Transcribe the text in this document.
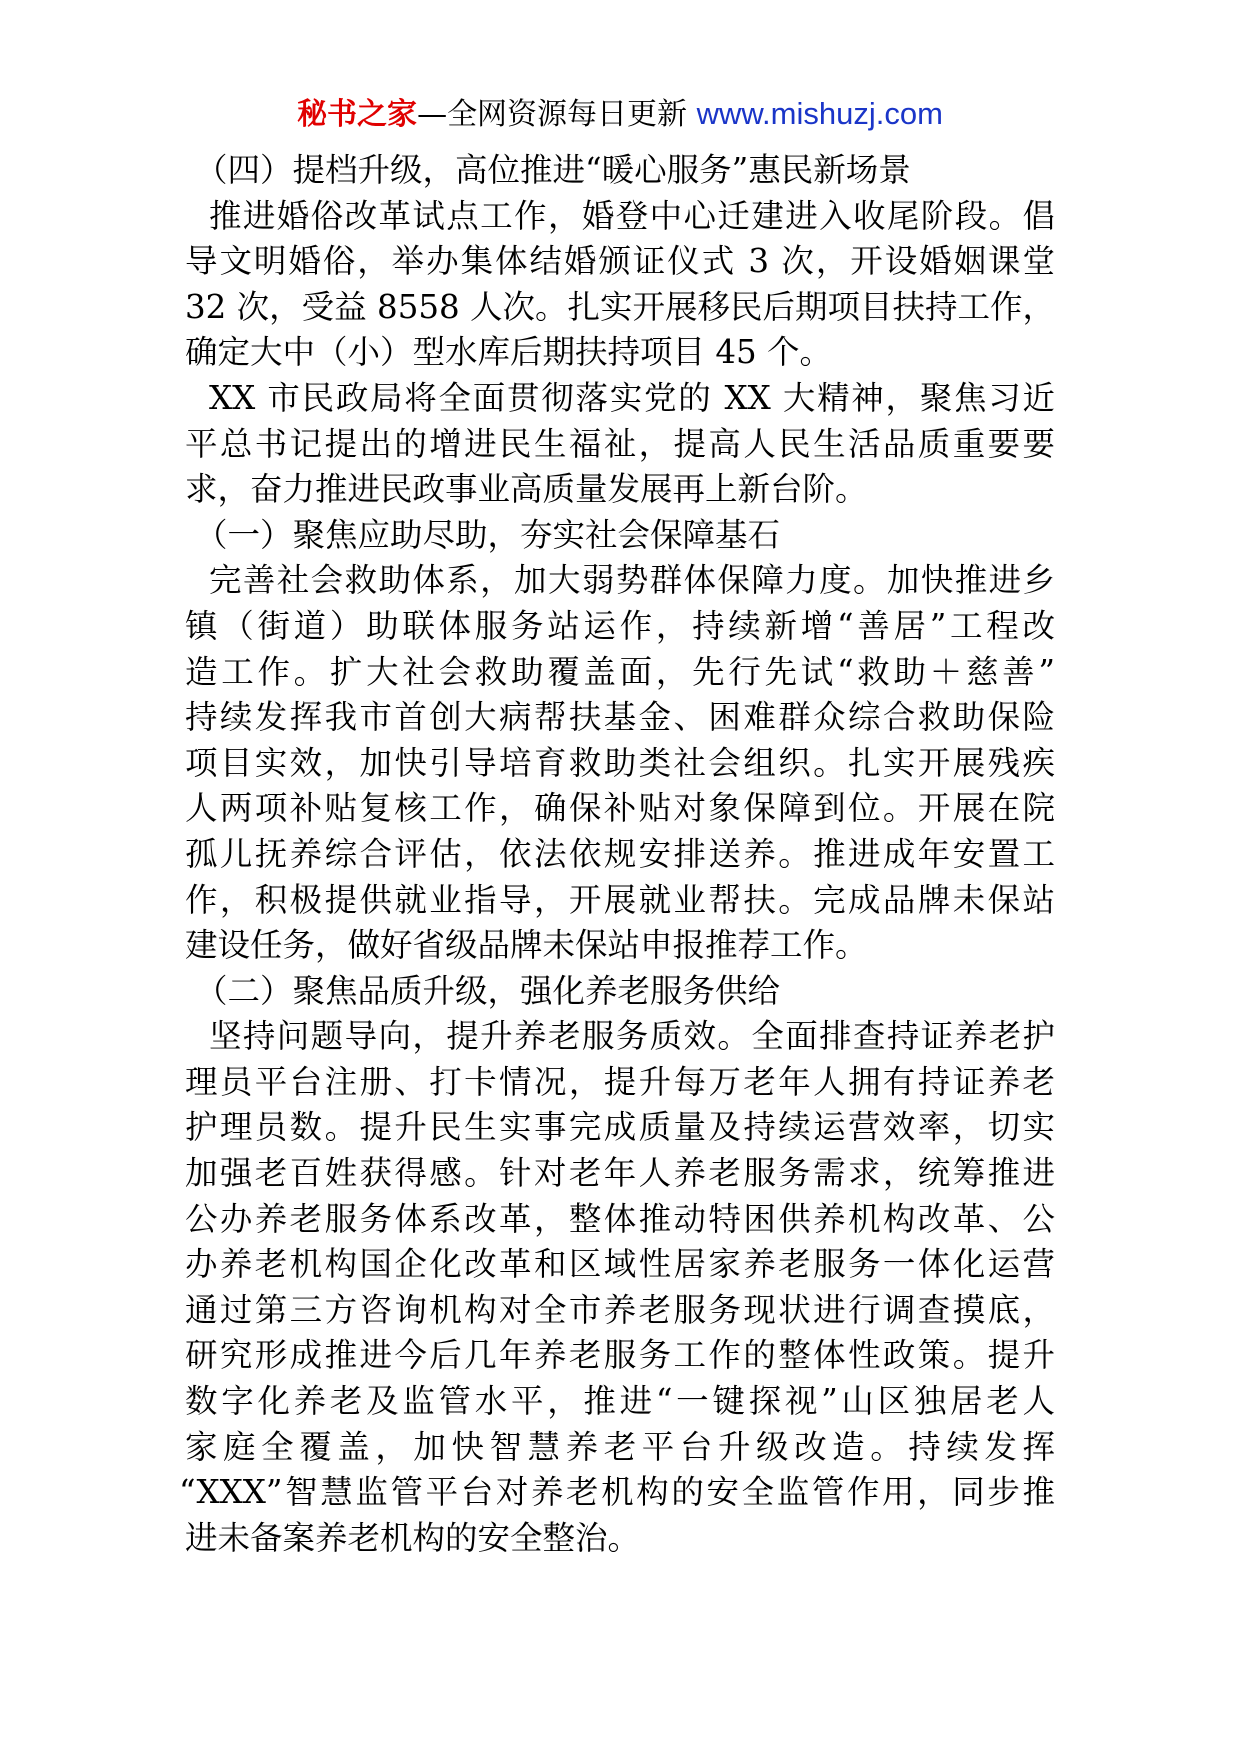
秘书之家—全网资源每日更新 www.mishuzj.com
（四）提档升级，高位推进“暖心服务”惠民新场景
推进婚俗改革试点工作，婚登中心迁建进入收尾阶段。倡
导文明婚俗，举办集体结婚颁证仪式 3 次，开设婚姻课堂
32 次，受益 8558 人次。扎实开展移民后期项目扶持工作，
确定大中（小）型水库后期扶持项目 45 个。
XX 市民政局将全面贯彻落实党的 XX 大精神，聚焦习近
平总书记提出的增进民生福祉，提高人民生活品质重要要
求，奋力推进民政事业高质量发展再上新台阶。
（一）聚焦应助尽助，夯实社会保障基石
完善社会救助体系，加大弱势群体保障力度。加快推进乡
镇（街道）助联体服务站运作，持续新增“善居”工程改
造工作。扩大社会救助覆盖面，先行先试“救助＋慈善”
持续发挥我市首创大病帮扶基金、困难群众综合救助保险
项目实效，加快引导培育救助类社会组织。扎实开展残疾
人两项补贴复核工作，确保补贴对象保障到位。开展在院
孤儿抚养综合评估，依法依规安排送养。推进成年安置工
作，积极提供就业指导，开展就业帮扶。完成品牌未保站
建设任务，做好省级品牌未保站申报推荐工作。
（二）聚焦品质升级，强化养老服务供给
坚持问题导向，提升养老服务质效。全面排查持证养老护
理员平台注册、打卡情况，提升每万老年人拥有持证养老
护理员数。提升民生实事完成质量及持续运营效率，切实
加强老百姓获得感。针对老年人养老服务需求，统筹推进
公办养老服务体系改革，整体推动特困供养机构改革、公
办养老机构国企化改革和区域性居家养老服务一体化运营
通过第三方咨询机构对全市养老服务现状进行调查摸底，
研究形成推进今后几年养老服务工作的整体性政策。提升
数字化养老及监管水平，推进“一键探视”山区独居老人
家庭全覆盖，加快智慧养老平台升级改造。持续发挥
“XXX”智慧监管平台对养老机构的安全监管作用，同步推
进未备案养老机构的安全整治。
